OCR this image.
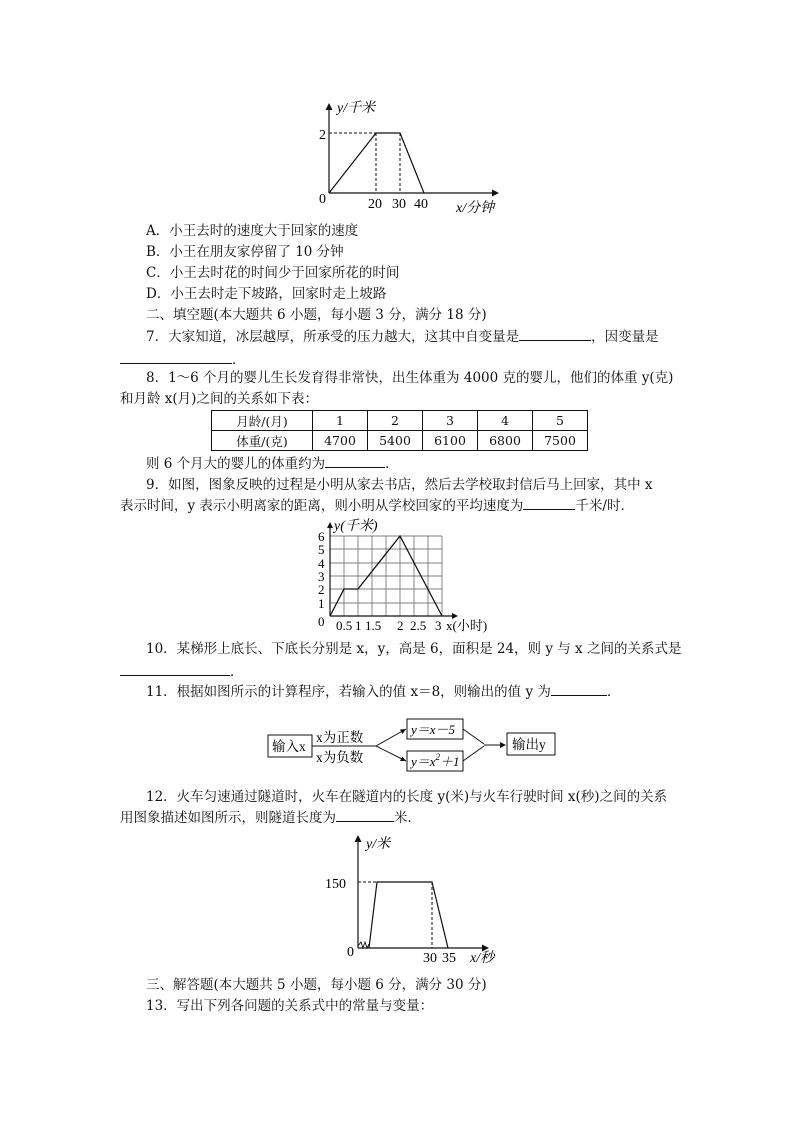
y/千米
2
0	20 30 40 x/分钟
A．小王去时的速度大于回家的速度
B．小王在朋友家停留了 10 分钟
C．小王去时花的时间少于回家所花的时间
D．小王去时走下坡路，回家时走上坡路
二、填空题(本大题共 6 小题，每小题 3 分，满分 18 分)
7．大家知道，冰层越厚，所承受的压力越大，这其中自变量是	，因变量是
．
8．1～6 个月的婴儿生长发育得非常快，出生体重为 4000 克的婴儿，他们的体重 y(克)
和月龄 x(月)之间的关系如下表：
月龄/(月)	1	2	3	4	5
体重/(克)	4700	5400	6100	6800	7500
则 6 个月大的婴儿的体重约为	．
9．如图，图象反映的过程是小明从家去书店，然后去学校取封信后马上回家，其中 x
表示时间，y 表示小明离家的距离，则小明从学校回家的平均速度为	千米/时．
y(千米)
6
5
4
3
2
1
0 0.5 1 1.5 2 2.5 3 x(小时)
10．某梯形上底长、下底长分别是 x，y，高是 6，面积是 24，则 y 与 x 之间的关系式是
．
11．根据如图所示的计算程序，若输入的值 x＝8，则输出的值 y 为	．
输入x
x为正数
x为负数
y＝x－5
$y=x^2+1$
输出y
12．火车匀速通过隧道时，火车在隧道内的长度 y(米)与火车行驶时间 x(秒)之间的关系
用图象描述如图所示，则隧道长度为	米．
y/米
150
0	30 35 x/秒
三、解答题(本大题共 5 小题，每小题 6 分，满分 30 分)
13．写出下列各问题的关系式中的常量与变量：
